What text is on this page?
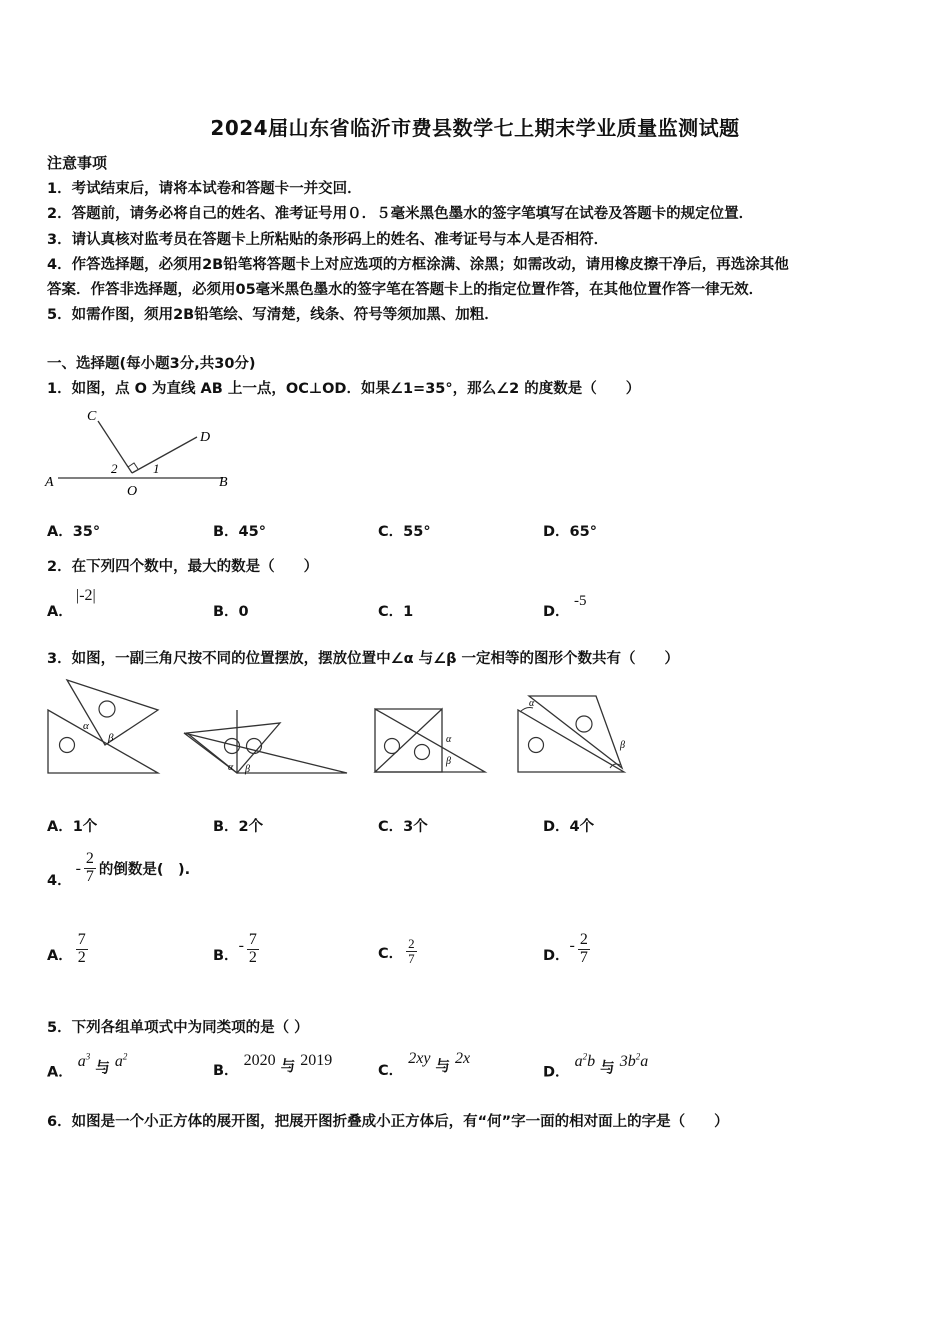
2024届山东省临沂市费县数学七上期末学业质量监测试题
注意事项
1．考试结束后，请将本试卷和答题卡一并交回．
2．答题前，请务必将自己的姓名、准考证号用０．５毫米黑色墨水的签字笔填写在试卷及答题卡的规定位置．
3．请认真核对监考员在答题卡上所粘贴的条形码上的姓名、准考证号与本人是否相符．
4．作答选择题，必须用2B铅笔将答题卡上对应选项的方框涂满、涂黑；如需改动，请用橡皮擦干净后，再选涂其他
答案．作答非选择题，必须用05毫米黑色墨水的签字笔在答题卡上的指定位置作答，在其他位置作答一律无效．
5．如需作图，须用2B铅笔绘、写清楚，线条、符号等须加黑、加粗．
一、选择题(每小题3分,共30分)
1．如图，点 O 为直线 AB 上一点，OC⊥OD．如果∠1=35°，那么∠2 的度数是（　　）
C
D
A	B
O
2	1
A．35°	B．45°	C．55°	D．65°
2．在下列四个数中，最大的数是（　　）
A．
|-2|
B．0	C．1	D．
-5
3．如图，一副三角尺按不同的位置摆放，摆放位置中∠α 与∠β 一定相等的图形个数共有（　　）
α
β
α β
α
β
α
β
A．1个	B．2个	C．3个	D．4个
4．
- $\frac{2}{7}$ 的倒数是(　).
A． $\frac{7}{2}$	B．
- $\frac{7}{2}$	C． $\frac{2}{7}$	D．
- $\frac{2}{7}$
5．下列各组单项式中为同类项的是（ ）
A． $a^3$ 与 $a^2$
B． 2020 与 2019
C． 2xy 与 2x
D． $a^2b$ 与 $3b^2a$
6．如图是一个小正方体的展开图，把展开图折叠成小正方体后，有“何”字一面的相对面上的字是（　　）
